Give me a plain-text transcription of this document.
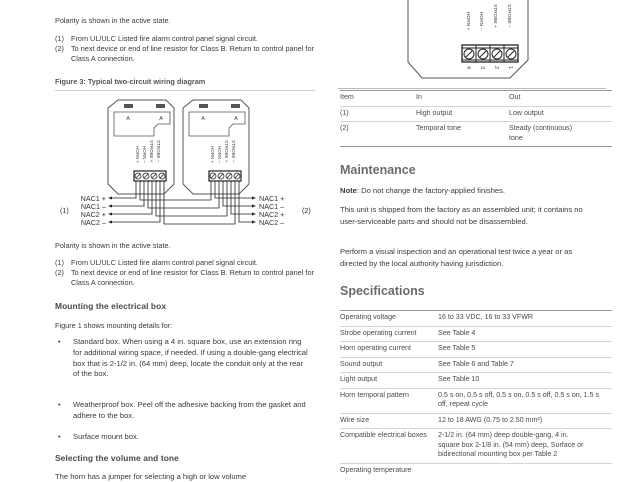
Polarity is shown in the active state.

(1) From UL/ULC Listed fire alarm control panel signal circuit.
(2) To next device or end of line resistor for Class B. Return to control panel for Class A connection.

Figure 3: Typical two-circuit wiring diagram

A	A
HORN + HORN – STROBE + STROBE –
A	A
HORN + HORN – STROBE + STROBE –
NAC1 +
NAC1 –
NAC2 +
NAC2 –
(1)
NAC1 +
NAC1 –
NAC2 +
NAC2 –
(2)

Polarity is shown in the active state.

(1) From UL/ULC Listed fire alarm control panel signal circuit.
(2) To next device or end of line resistor for Class B. Return to control panel for Class A connection.
Mounting the electrical box

Figure 1 shows mounting details for:

•	Standard box. When using a 4 in. square box, use an extension ring for additional wiring space, if needed. If using a double-gang electrical box that is 2-1/2 in. (64 mm) deep, locate the conduit only at the rear of the box.
•	Weatherproof box. Peel off the adhesive backing from the gasket and adhere to the box.
•	Surface mount box.
Selecting the volume and tone

The horn has a jumper for selecting a high or low volume

HORN + HORN – STROBE + STROBE –
4 3 2 1
Item	In	Out
(1)	High output	Low output
(2)	Temporal tone	Steady (continuous) tone
Maintenance

Note: Do not change the factory-applied finishes.

This unit is shipped from the factory as an assembled unit; it contains no user-serviceable parts and should not be disassembled.

Perform a visual inspection and an operational test twice a year or as directed by the local authority having jurisdiction.

Specifications
Operating voltage	16 to 33 VDC, 16 to 33 VFWR
Strobe operating current	See Table 4
Horn operating current	See Table 5
Sound output	See Table 6 and Table 7
Light output	See Table 10
Horn temporal pattern	0.5 s on, 0.5 s off, 0.5 s on, 0.5 s off, 0.5 s on, 1.5 s off, repeat cycle
Wire size	12 to 18 AWG (0.75 to 2.50 mm²)
Compatible electrical boxes	2-1/2 in. (64 mm) deep double-gang, 4 in. square box 2-1/8 in. (54 mm) deep, Surface or bidirectional mounting box per Table 2
Operating temperature	
